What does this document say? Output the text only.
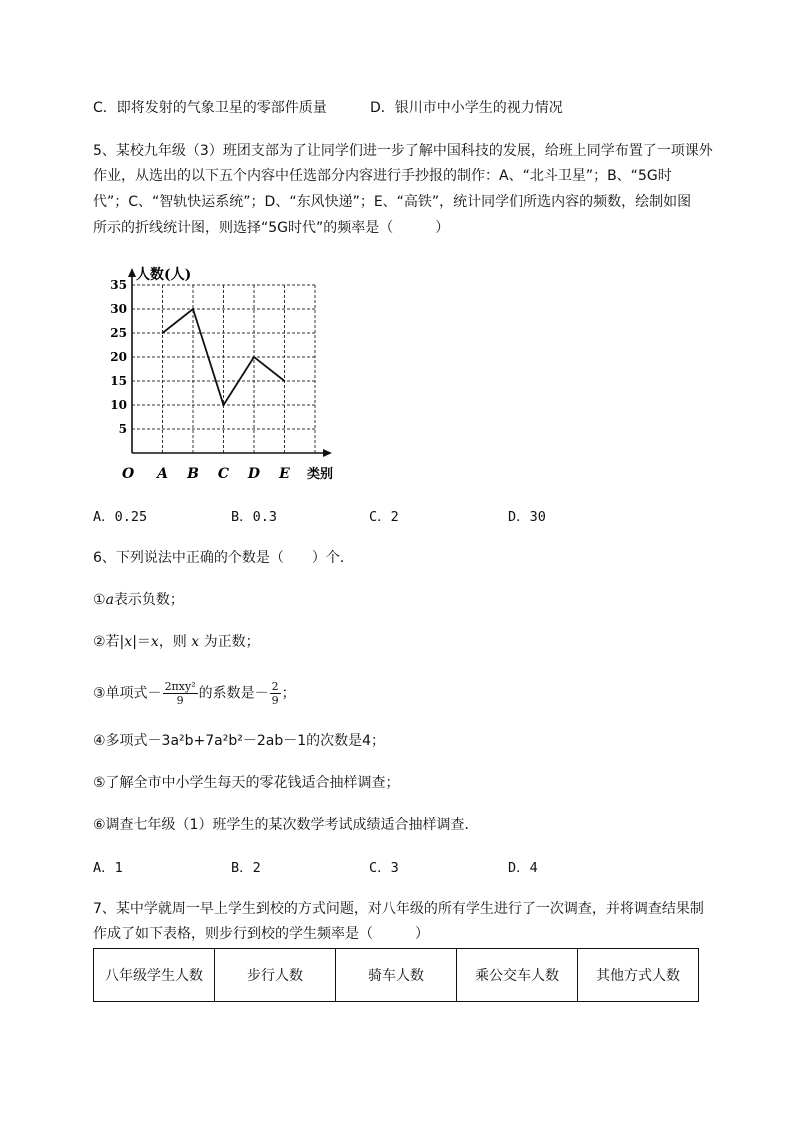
C．即将发射的气象卫星的零部件质量	D．银川市中小学生的视力情况
5、某校九年级（3）班团支部为了让同学们进一步了解中国科技的发展，给班上同学布置了一项课外
作业，从选出的以下五个内容中任选部分内容进行手抄报的制作：A、“北斗卫星”；B、“5G时
代”；C、“智轨快运系统”；D、“东风快递”；E、“高铁”，统计同学们所选内容的频数，绘制如图
所示的折线统计图，则选择“5G时代”的频率是（　　　）
5
10
15
20
25
30
35
A B C D E
人数(人)
类别
O
A．0.25	B．0.3	C．2	D．30
6、下列说法中正确的个数是（　　）个．
①a表示负数；
②若|x|＝x，则 x 为正数；
③单项式－ $\frac{\text{2πxy²}}{9}$ 的系数是－ $\frac{2}{9}$ ；
④多项式－3a²b+7a²b²－2ab－1的次数是4；
⑤了解全市中小学生每天的零花钱适合抽样调查；
⑥调查七年级（1）班学生的某次数学考试成绩适合抽样调查．
A．1	B．2	C．3	D．4
7、某中学就周一早上学生到校的方式问题，对八年级的所有学生进行了一次调查，并将调查结果制
作成了如下表格，则步行到校的学生频率是（　　　）
八年级学生人数	步行人数	骑车人数	乘公交车人数	其他方式人数
